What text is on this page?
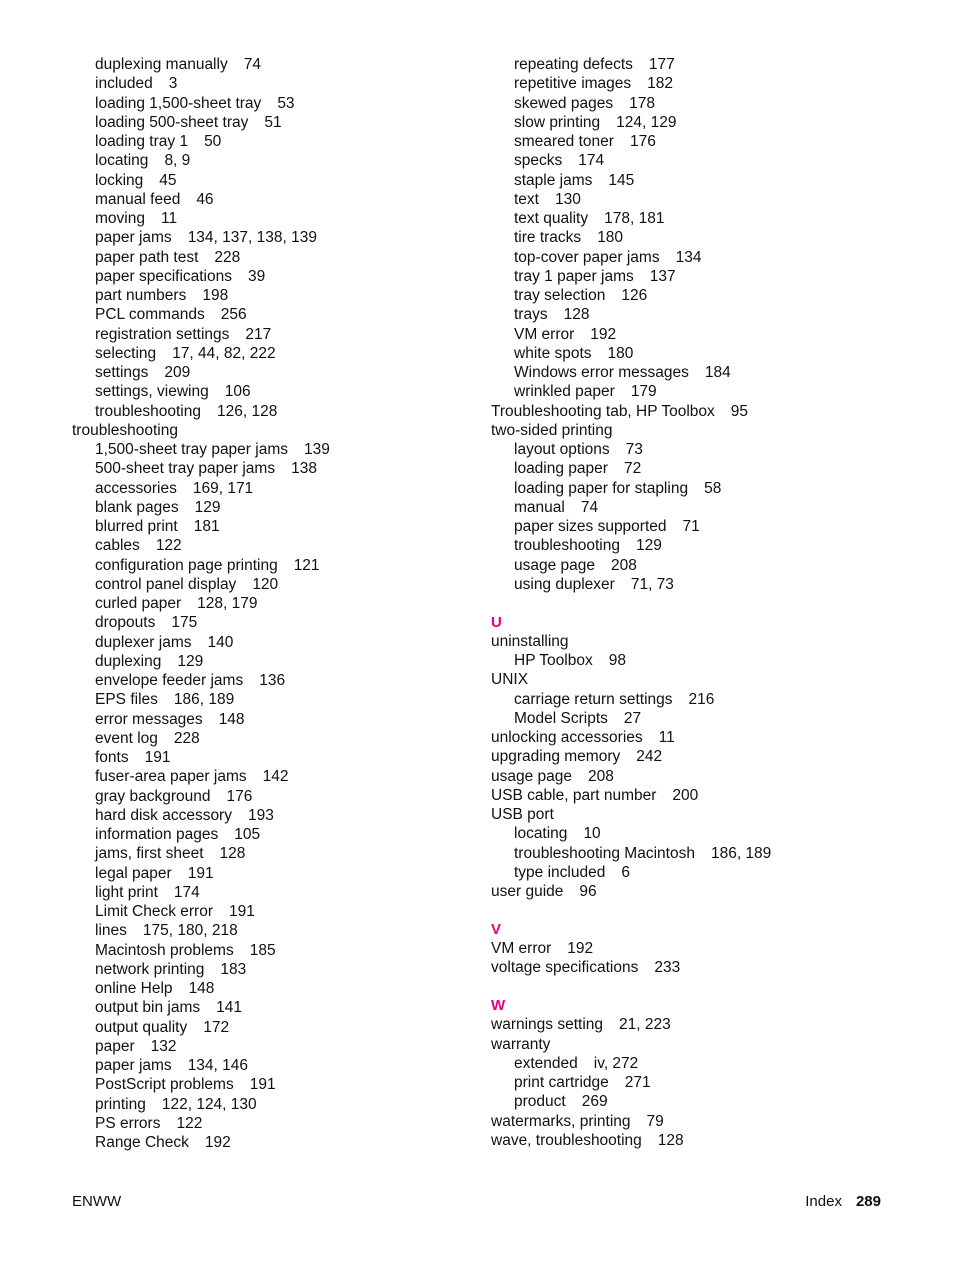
duplexing manually 74
included 3
loading 1,500-sheet tray 53
loading 500-sheet tray 51
loading tray 1 50
locating 8, 9
locking 45
manual feed 46
moving 11
paper jams 134, 137, 138, 139
paper path test 228
paper specifications 39
part numbers 198
PCL commands 256
registration settings 217
selecting 17, 44, 82, 222
settings 209
settings, viewing 106
troubleshooting 126, 128
troubleshooting
1,500-sheet tray paper jams 139
500-sheet tray paper jams 138
accessories 169, 171
blank pages 129
blurred print 181
cables 122
configuration page printing 121
control panel display 120
curled paper 128, 179
dropouts 175
duplexer jams 140
duplexing 129
envelope feeder jams 136
EPS files 186, 189
error messages 148
event log 228
fonts 191
fuser-area paper jams 142
gray background 176
hard disk accessory 193
information pages 105
jams, first sheet 128
legal paper 191
light print 174
Limit Check error 191
lines 175, 180, 218
Macintosh problems 185
network printing 183
online Help 148
output bin jams 141
output quality 172
paper 132
paper jams 134, 146
PostScript problems 191
printing 122, 124, 130
PS errors 122
Range Check 192
repeating defects 177
repetitive images 182
skewed pages 178
slow printing 124, 129
smeared toner 176
specks 174
staple jams 145
text 130
text quality 178, 181
tire tracks 180
top-cover paper jams 134
tray 1 paper jams 137
tray selection 126
trays 128
VM error 192
white spots 180
Windows error messages 184
wrinkled paper 179
Troubleshooting tab, HP Toolbox 95
two-sided printing
layout options 73
loading paper 72
loading paper for stapling 58
manual 74
paper sizes supported 71
troubleshooting 129
usage page 208
using duplexer 71, 73
U
uninstalling
HP Toolbox 98
UNIX
carriage return settings 216
Model Scripts 27
unlocking accessories 11
upgrading memory 242
usage page 208
USB cable, part number 200
USB port
locating 10
troubleshooting Macintosh 186, 189
type included 6
user guide 96
V
VM error 192
voltage specifications 233
W
warnings setting 21, 223
warranty
extended iv, 272
print cartridge 271
product 269
watermarks, printing 79
wave, troubleshooting 128
ENWW	Index 289
